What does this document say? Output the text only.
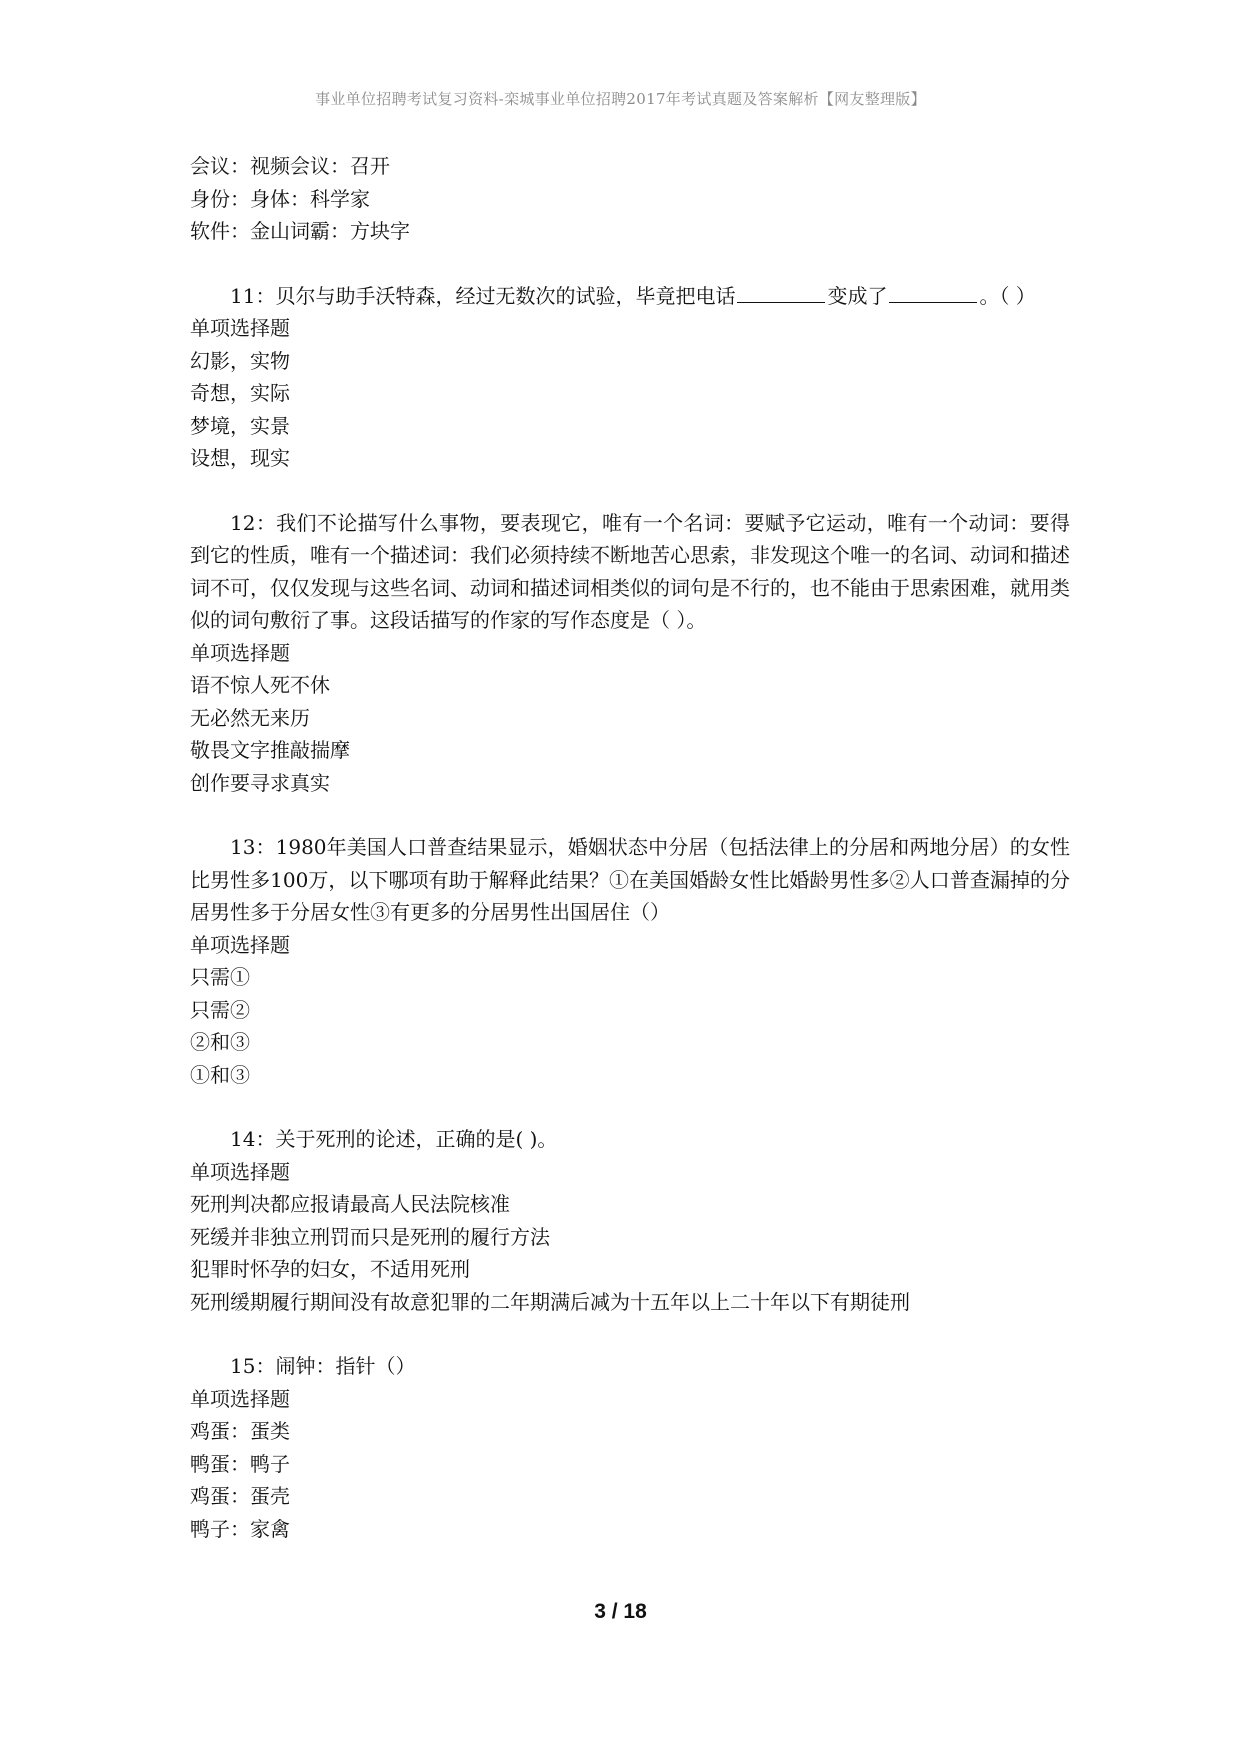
事业单位招聘考试复习资料-栾城事业单位招聘2017年考试真题及答案解析【网友整理版】
会议：视频会议：召开
身份：身体：科学家
软件：金山词霸：方块字
11：贝尔与助手沃特森，经过无数次的试验，毕竟把电话	变成了	。（ ）
单项选择题
幻影，实物
奇想，实际
梦境，实景
设想，现实
12：我们不论描写什么事物，要表现它，唯有一个名词：要赋予它运动，唯有一个动词：要得到它的性质，唯有一个描述词：我们必须持续不断地苦心思索，非发现这个唯一的名词、动词和描述词不可，仅仅发现与这些名词、动词和描述词相类似的词句是不行的，也不能由于思索困难，就用类似的词句敷衍了事。这段话描写的作家的写作态度是（ ）。
单项选择题
语不惊人死不休
无必然无来历
敬畏文字推敲揣摩
创作要寻求真实
13：1980年美国人口普查结果显示，婚姻状态中分居（包括法律上的分居和两地分居）的女性比男性多100万，以下哪项有助于解释此结果？①在美国婚龄女性比婚龄男性多②人口普查漏掉的分居男性多于分居女性③有更多的分居男性出国居住（）
单项选择题
只需①
只需②
②和③
①和③
14：关于死刑的论述，正确的是( )。
单项选择题
死刑判决都应报请最高人民法院核准
死缓并非独立刑罚而只是死刑的履行方法
犯罪时怀孕的妇女，不适用死刑
死刑缓期履行期间没有故意犯罪的二年期满后减为十五年以上二十年以下有期徒刑
15：闹钟：指针（）
单项选择题
鸡蛋：蛋类
鸭蛋：鸭子
鸡蛋：蛋壳
鸭子：家禽
3 / 18
